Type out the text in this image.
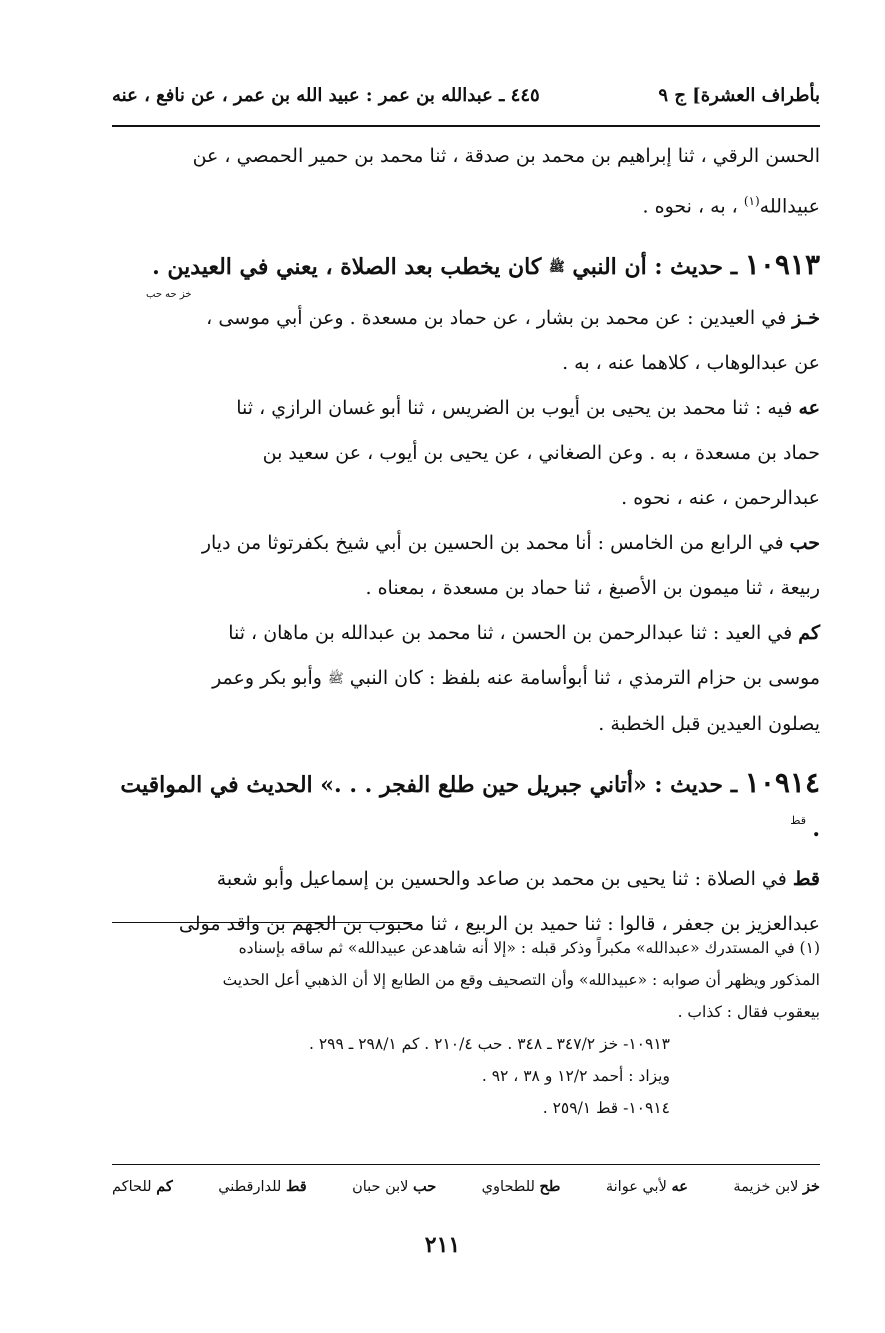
بأطراف العشرة] ج ٩
٤٤٥ ـ عبدالله بن عمر : عبيد الله بن عمر ، عن نافع ، عنه

الحسن الرقي ، ثنا إبراهيم بن محمد بن صدقة ، ثنا محمد بن حمير الحمصي ، عن

عبيدالله$^{(١)}$ ، به ، نحوه .

١٠٩١٣ ـ حديث : أن النبي ﷺ كان يخطب بعد الصلاة ، يعني في العيدين .
خز حه حب

خـز في العيدين : عن محمد بن بشار ، عن حماد بن مسعدة . وعن أبي موسى ،

عن عبدالوهاب ، كلاهما عنه ، به .

عه فيه : ثنا محمد بن يحيى بن أيوب بن الضريس ، ثنا أبو غسان الرازي ، ثنا

حماد بن مسعدة ، به . وعن الصغاني ، عن يحيى بن أيوب ، عن سعيد بن

عبدالرحمن ، عنه ، نحوه .

حب في الرابع من الخامس : أنا محمد بن الحسين بن أبي شيخ بكفرتوثا من ديار

ربيعة ، ثنا ميمون بن الأصبغ ، ثنا حماد بن مسعدة ، بمعناه .

كم في العيد : ثنا عبدالرحمن بن الحسن ، ثنا محمد بن عبدالله بن ماهان ، ثنا

موسى بن حزام الترمذي ، ثنا أبوأسامة عنه بلفظ : كان النبي ﷺ وأبو بكر وعمر

يصلون العيدين قبل الخطبة .

١٠٩١٤ ـ حديث : «أتاني جبريل حين طلع الفجر . . .» الحديث في المواقيت .
قط

قط في الصلاة : ثنا يحيى بن محمد بن صاعد والحسين بن إسماعيل وأبو شعبة

عبدالعزيز بن جعفر ، قالوا : ثنا حميد بن الربيع ، ثنا محبوب بن الجهم بن واقد مولى

(١) في المستدرك «عبدالله» مكبراً وذكر قبله : «إلا أنه شاهدعن عبيدالله» ثم ساقه بإسناده

المذكور ويظهر أن صوابه : «عبيدالله» وأن التصحيف وقع من الطابع إلا أن الذهبي أعل الحديث

بيعقوب فقال : كذاب .

١٠٩١٣- خز ٣٤٧/٢ ـ ٣٤٨ . حب ٢١٠/٤ . كم ٢٩٨/١ ـ ٢٩٩ .

ويزاد : أحمد ١٢/٢ و ٣٨ ، ٩٢ .

١٠٩١٤- قط ٢٥٩/١ .

خز لابن خزيمة
عه لأبي عوانة
طح للطحاوي
حب لابن حبان
قط للدارقطني
كم للحاكم
٢١١
